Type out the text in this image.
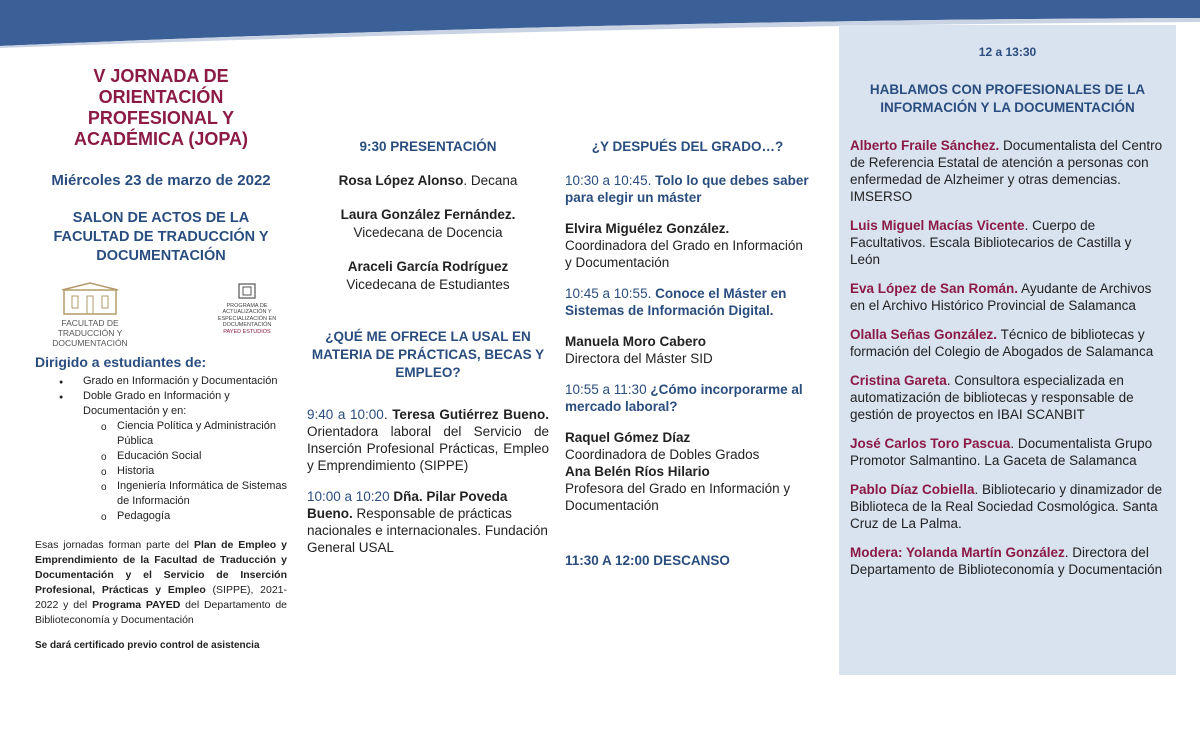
V JORNADA DE ORIENTACIÓN PROFESIONAL Y ACADÉMICA (JOPA)
Miércoles 23 de marzo de 2022
SALON DE ACTOS DE LA FACULTAD DE TRADUCCIÓN Y DOCUMENTACIÓN
FACULTAD DE TRADUCCIÓN Y DOCUMENTACIÓN
PROGRAMA DE ACTUALIZACIÓN Y ESPECIALIZACIÓN EN DOCUMENTACIÓN
PAYED ESTUDIOS
Dirigido a estudiantes de:
● Grado en Información y Documentación
● Doble Grado en Información y Documentación y en:
o Ciencia Política y Administración Pública
o Educación Social
o Historia
o Ingeniería Informática de Sistemas de Información
o Pedagogía

Esas jornadas forman parte del Plan de Empleo y Emprendimiento de la Facultad de Traducción y Documentación y el Servicio de Inserción Profesional, Prácticas y Empleo (SIPPE), 2021-2022 y del Programa PAYED del Departamento de Biblioteconomía y Documentación

Se dará certificado previo control de asistencia
9:30 PRESENTACIÓN
Rosa López Alonso. Decana
Laura González Fernández.
Vicedecana de Docencia
Araceli García Rodríguez
Vicedecana de Estudiantes
¿QUÉ ME OFRECE LA USAL EN MATERIA DE PRÁCTICAS, BECAS Y EMPLEO?

9:40 a 10:00. Teresa Gutiérrez Bueno. Orientadora laboral del Servicio de Inserción Profesional Prácticas, Empleo y Emprendimiento (SIPPE)

10:00 a 10:20 Dña. Pilar Poveda Bueno. Responsable de prácticas nacionales e internacionales. Fundación General USAL

¿Y DESPUÉS DEL GRADO…?

10:30 a 10:45. Tolo lo que debes saber para elegir un máster

Elvira Miguélez González.
Coordinadora del Grado en Información y Documentación

10:45 a 10:55. Conoce el Máster en Sistemas de Información Digital.

Manuela Moro Cabero
Directora del Máster SID

10:55 a 11:30 ¿Cómo incorporarme al mercado laboral?

Raquel Gómez Díaz
Coordinadora de Dobles Grados
Ana Belén Ríos Hilario
Profesora del Grado en Información y Documentación

11:30 A 12:00 DESCANSO

12 a 13:30
HABLAMOS CON PROFESIONALES DE LA INFORMACIÓN Y LA DOCUMENTACIÓN

Alberto Fraile Sánchez. Documentalista del Centro de Referencia Estatal de atención a personas con enfermedad de Alzheimer y otras demencias. IMSERSO

Luis Miguel Macías Vicente. Cuerpo de Facultativos. Escala Bibliotecarios de Castilla y León

Eva López de San Román. Ayudante de Archivos en el Archivo Histórico Provincial de Salamanca

Olalla Señas González. Técnico de bibliotecas y formación del Colegio de Abogados de Salamanca

Cristina Gareta. Consultora especializada en automatización de bibliotecas y responsable de gestión de proyectos en IBAI SCANBIT

José Carlos Toro Pascua. Documentalista Grupo Promotor Salmantino. La Gaceta de Salamanca

Pablo Díaz Cobiella. Bibliotecario y dinamizador de Biblioteca de la Real Sociedad Cosmológica. Santa Cruz de La Palma.

Modera: Yolanda Martín González. Directora del Departamento de Biblioteconomía y Documentación
